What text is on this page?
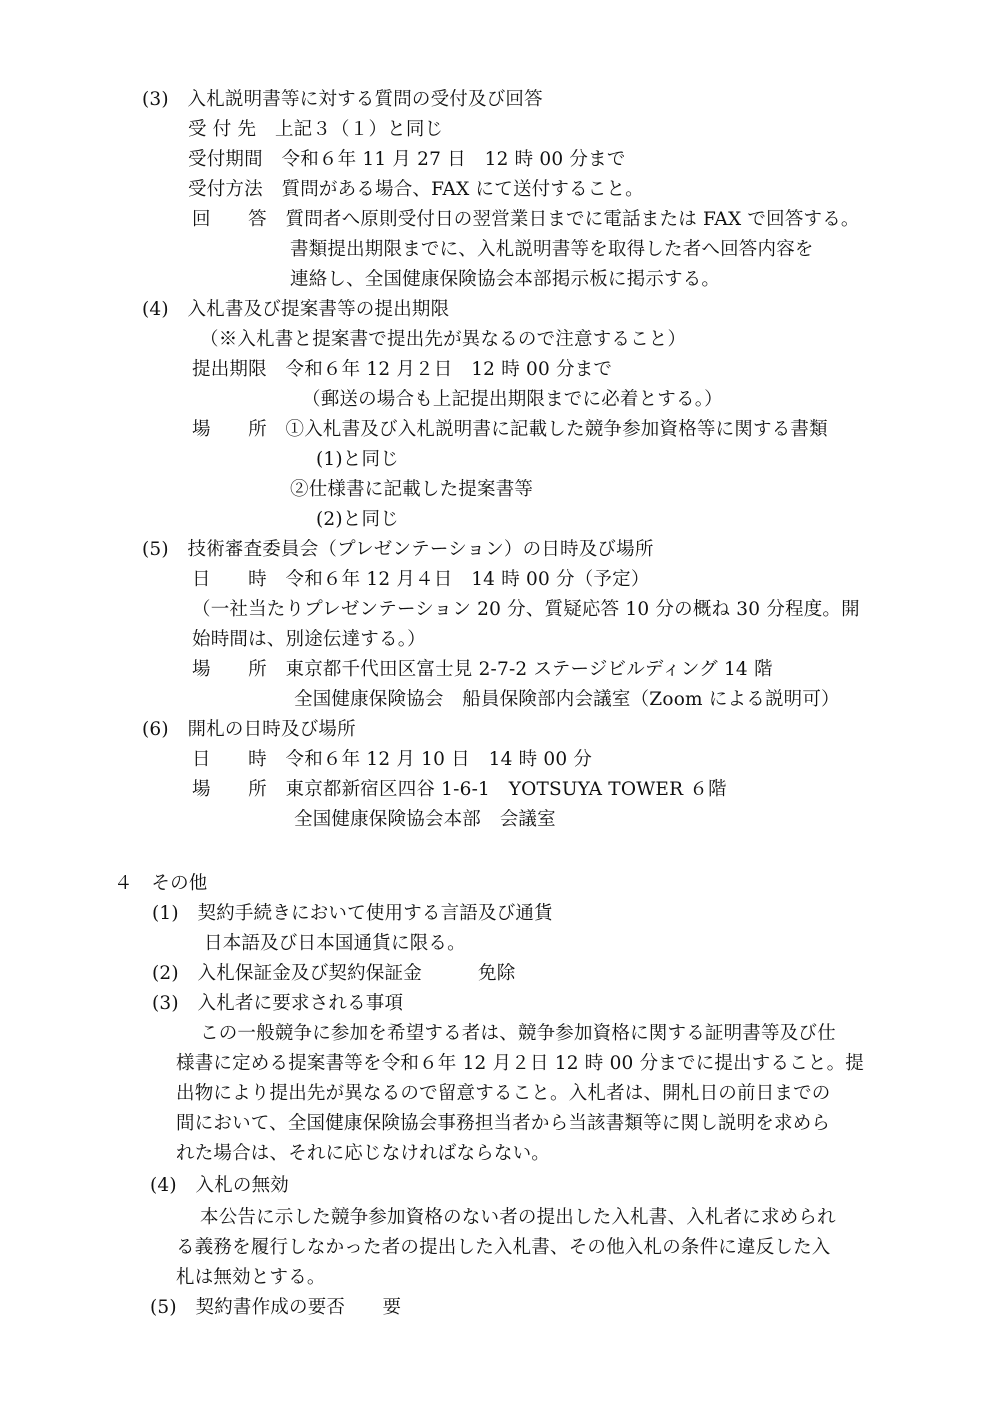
(3)　入札説明書等に対する質問の受付及び回答
受 付 先　上記３（１）と同じ
受付期間　令和６年 11 月 27 日　12 時 00 分まで
受付方法　質問がある場合、FAX にて送付すること。
回　　答　質問者へ原則受付日の翌営業日までに電話または FAX で回答する。
書類提出期限までに、入札説明書等を取得した者へ回答内容を
連絡し、全国健康保険協会本部掲示板に掲示する。
(4)　入札書及び提案書等の提出期限
（※入札書と提案書で提出先が異なるので注意すること）
提出期限　令和６年 12 月２日　12 時 00 分まで
（郵送の場合も上記提出期限までに必着とする。）
場　　所　①入札書及び入札説明書に記載した競争参加資格等に関する書類
(1)と同じ
②仕様書に記載した提案書等
(2)と同じ
(5)　技術審査委員会（プレゼンテーション）の日時及び場所
日　　時　令和６年 12 月４日　14 時 00 分（予定）
（一社当たりプレゼンテーション 20 分、質疑応答 10 分の概ね 30 分程度。開
始時間は、別途伝達する。）
場　　所　東京都千代田区富士見 2-7-2 ステージビルディング 14 階
全国健康保険協会　船員保険部内会議室（Zoom による説明可）
(6)　開札の日時及び場所
日　　時　令和６年 12 月 10 日　14 時 00 分
場　　所　東京都新宿区四谷 1-6-1　YOTSUYA TOWER ６階
全国健康保険協会本部　会議室
４　その他
(1)　契約手続きにおいて使用する言語及び通貨
日本語及び日本国通貨に限る。
(2)　入札保証金及び契約保証金　　　免除
(3)　入札者に要求される事項
この一般競争に参加を希望する者は、競争参加資格に関する証明書等及び仕
様書に定める提案書等を令和６年 12 月２日 12 時 00 分までに提出すること。提
出物により提出先が異なるので留意すること。入札者は、開札日の前日までの
間において、全国健康保険協会事務担当者から当該書類等に関し説明を求めら
れた場合は、それに応じなければならない。
(4)　入札の無効
本公告に示した競争参加資格のない者の提出した入札書、入札者に求められ
る義務を履行しなかった者の提出した入札書、その他入札の条件に違反した入
札は無効とする。
(5)　契約書作成の要否　　要
